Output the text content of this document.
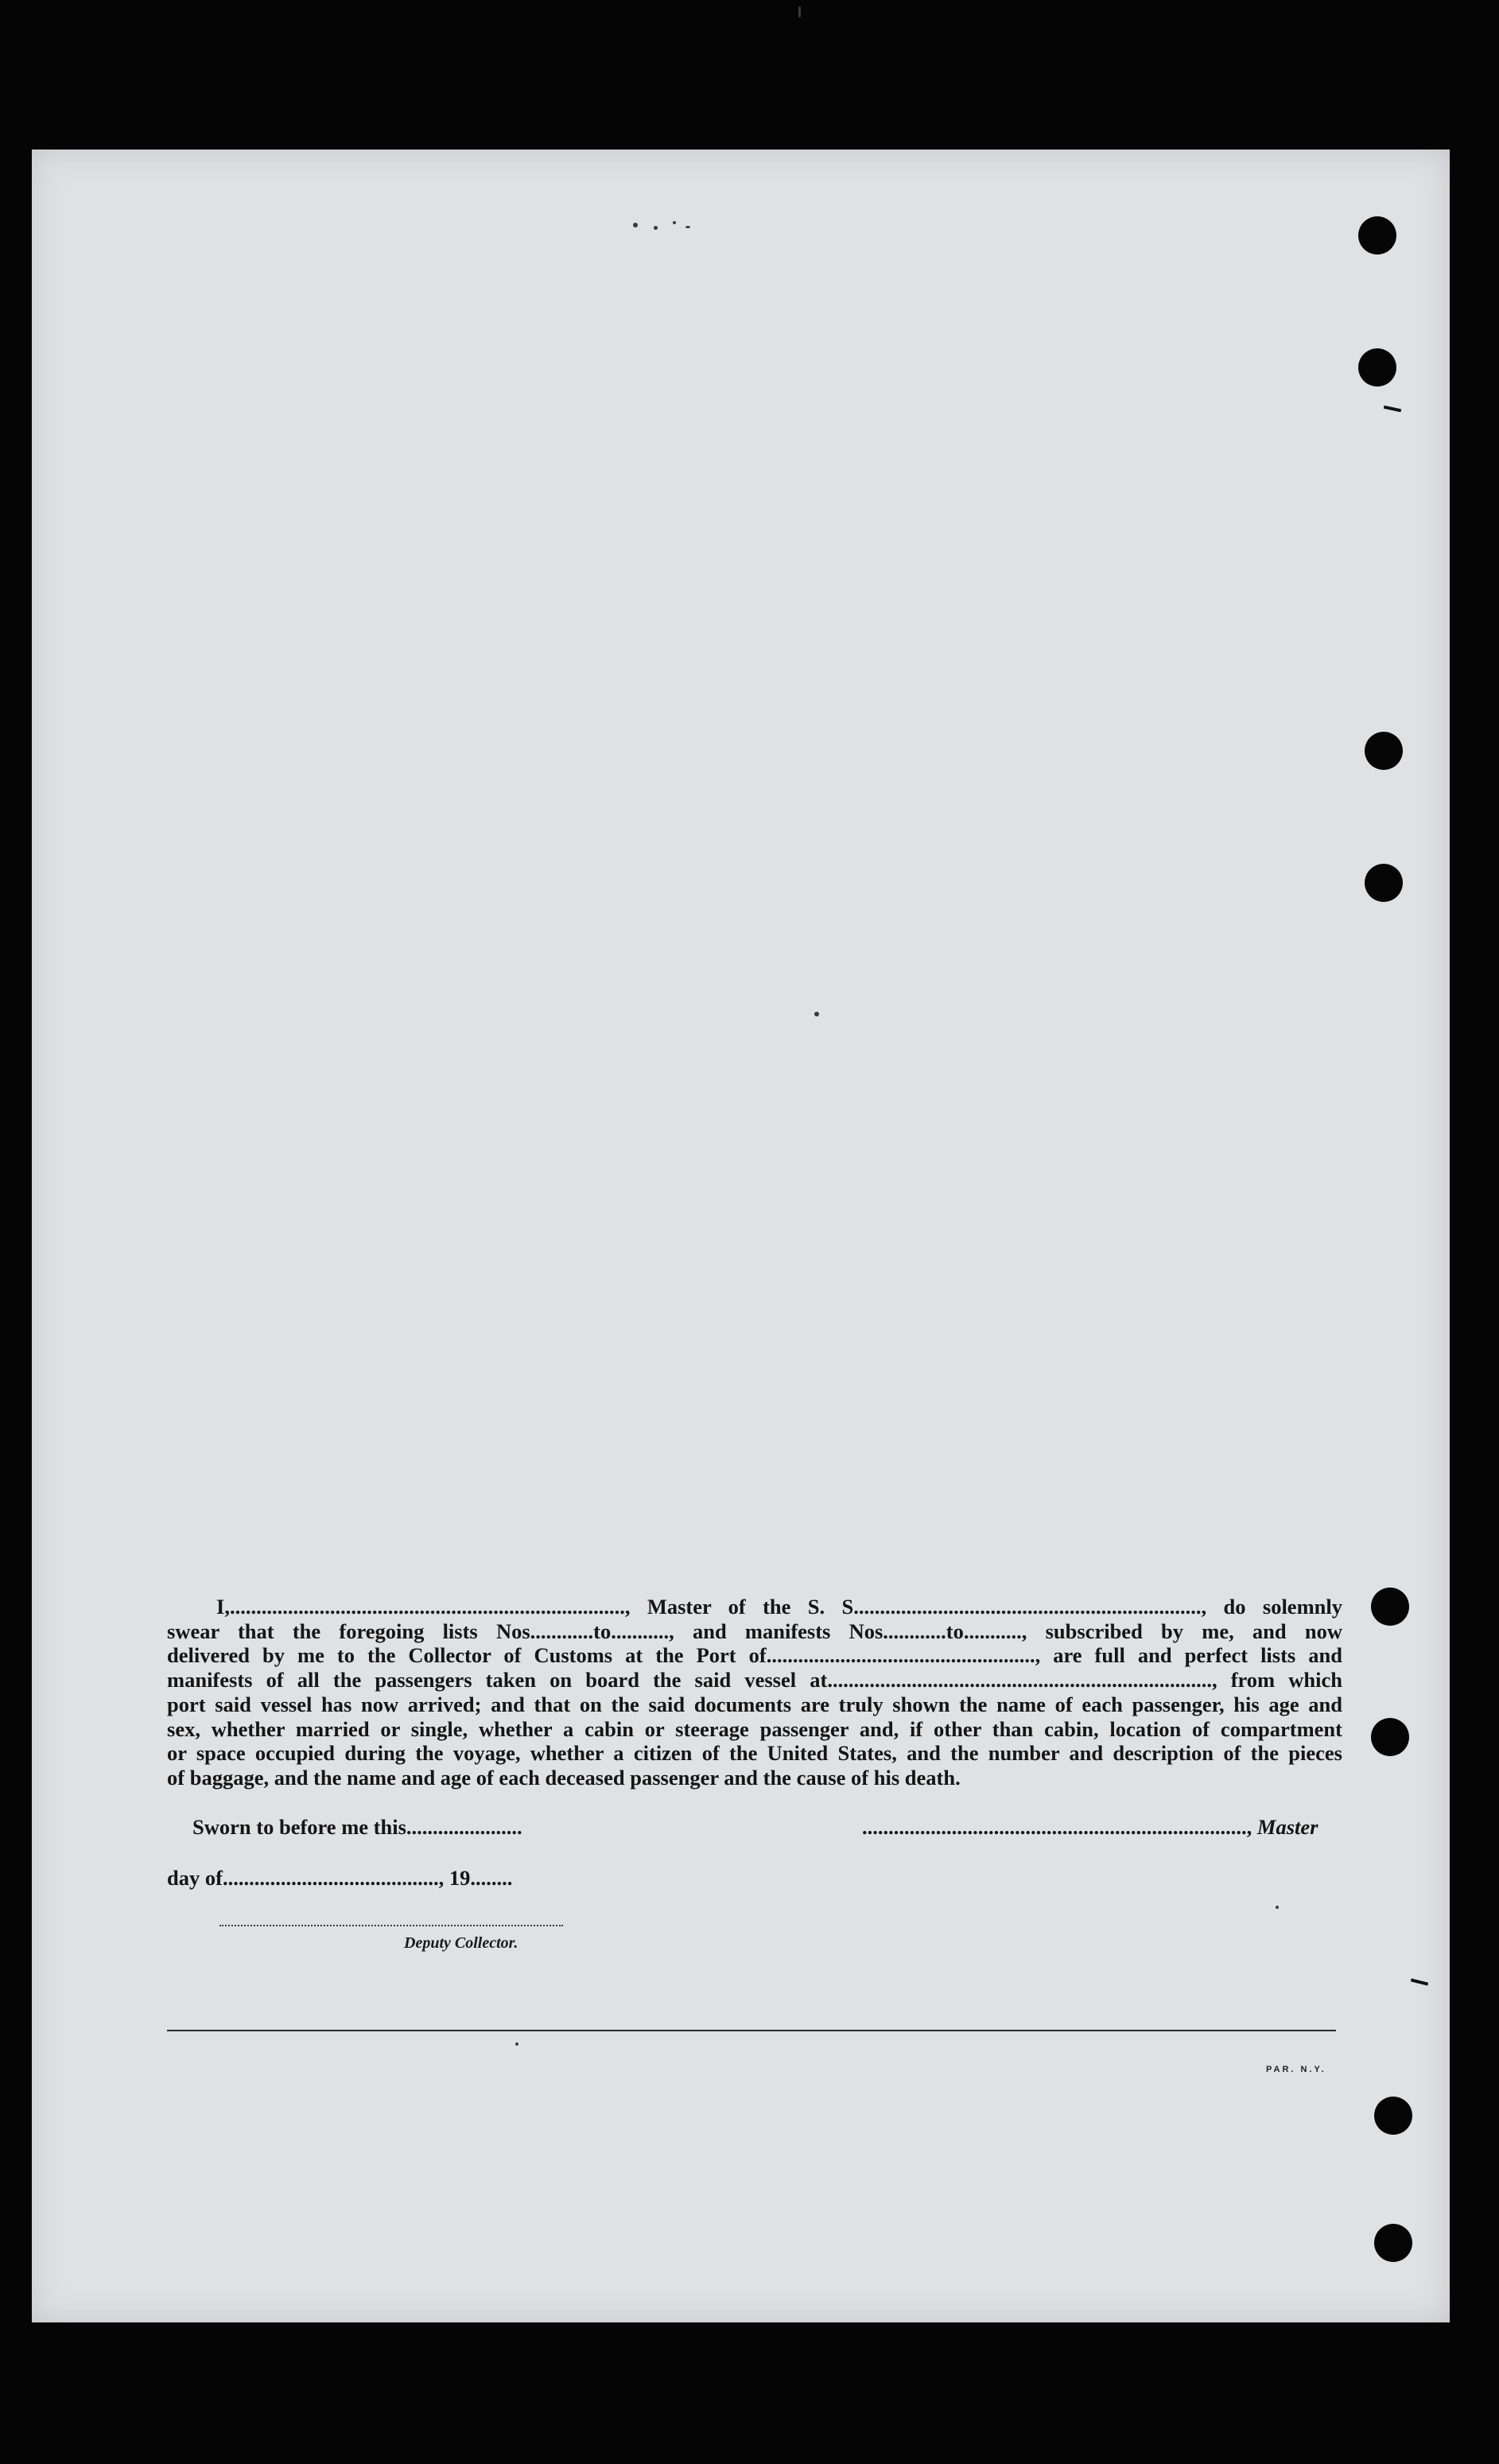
I,..........................................................................., Master of the S. S.................................................................., do solemnly
swear that the foregoing lists Nos............to..........., and manifests Nos............to..........., subscribed by me, and now
delivered by me to the Collector of Customs at the Port of..................................................., are full and perfect lists and
manifests of all the passengers taken on board the said vessel at........................................................................., from which
port said vessel has now arrived; and that on the said documents are truly shown the name of each passenger, his age and
sex, whether married or single, whether a cabin or steerage passenger and, if other than cabin, location of compartment
or space occupied during the voyage, whether a citizen of the United States, and the number and description of the pieces
of baggage, and the name and age of each deceased passenger and the cause of his death.
Sworn to before me this......................	........................................................................., Master
day of........................................., 19........
Deputy Collector.
PAR. N.Y.
